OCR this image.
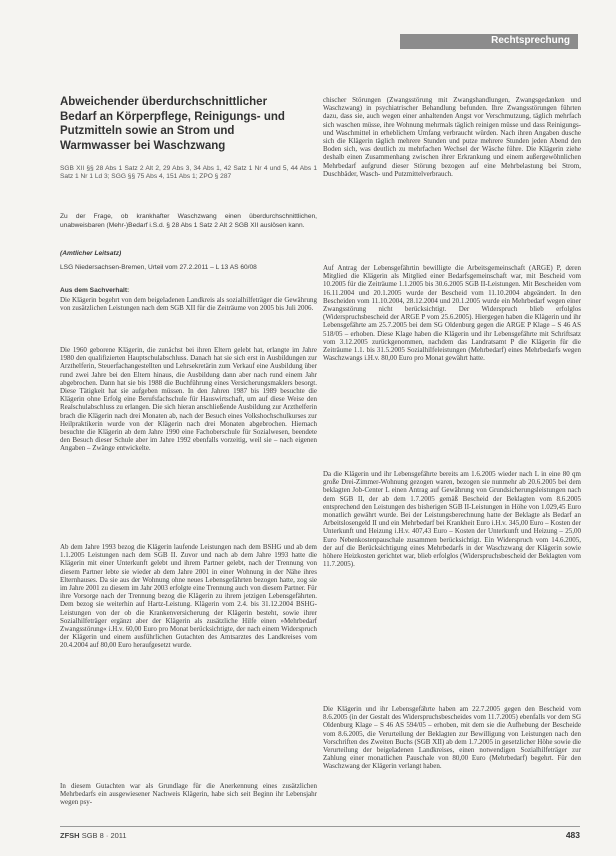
Rechtsprechung
Abweichender überdurchschnittlicher Bedarf an Körperpflege, Reinigungs- und Putzmitteln sowie an Strom und Warmwasser bei Waschzwang
SGB XII §§ 28 Abs 1 Satz 2 Alt 2, 29 Abs 3, 34 Abs 1, 42 Satz 1 Nr 4 und 5, 44 Abs 1 Satz 1 Nr 1 Ld 3; SGG §§ 75 Abs 4, 151 Abs 1; ZPO § 287
Zu der Frage, ob krankhafter Waschzwang einen überdurchschnittlichen, unabweisbaren (Mehr-)Bedarf i.S.d. § 28 Abs 1 Satz 2 Alt 2 SGB XII auslösen kann.
(Amtlicher Leitsatz)
LSG Niedersachsen-Bremen, Urteil vom 27.2.2011 – L 13 AS 60/08
Aus dem Sachverhalt:
Die Klägerin begehrt von dem beigeladenen Landkreis als sozialhilfeträger die Gewährung von zusätzlichen Leistungen nach dem SGB XII für die Zeiträume von 2005 bis Juli 2006.
Die 1960 geborene Klägerin, die zunächst bei ihren Eltern gelebt hat, erlangte im Jahre 1980 den qualifizierten Hauptschulabschluss. Danach hat sie sich erst in Ausbildungen zur Arzthelferin, Steuerfachangestellten und Lehrsekretärin zum Verkauf eine Ausbildung über rund zwei Jahre bei den Eltern hinaus, die Ausbildung dann aber nach rund einem Jahr abgebrochen. Dann hat sie bis 1988 die Buchführung eines Versicherungsmaklers besorgt. Diese Tätigkeit hat sie aufgeben müssen. In den Jahren 1987 bis 1989 besuchte die Klägerin ohne Erfolg eine Berufsfachschule für Hauswirtschaft, um auf diese Weise den Realschulabschluss zu erlangen. Die sich hieran anschließende Ausbildung zur Arzthelferin brach die Klägerin nach drei Monaten ab, nach der Besuch eines Volkshochschulkurses zur Heilpraktikerin wurde von der Klägerin nach drei Monaten abgebrochen. Hiernach besuchte die Klägerin ab dem Jahre 1990 eine Fachoberschule für Sozialwesen, beendete den Besuch dieser Schule aber im Jahre 1992 ebenfalls vorzeitig, weil sie – nach eigenen Angaben – Zwänge entwickelte.
Ab dem Jahre 1993 bezog die Klägerin laufende Leistungen nach dem BSHG und ab dem 1.1.2005 Leistungen nach dem SGB II. Zuvor und nach ab dem Jahre 1993 hatte die Klägerin mit einer Unterkunft gelebt und ihrem Partner gelebt, nach der Trennung von diesem Partner lebte sie wieder ab dem Jahre 2001 in einer Wohnung in der Nähe ihres Elternhauses. Da sie aus der Wohnung ohne neues Lebensgefährten bezogen hatte, zog sie im Jahre 2001 zu diesem im Jahr 2003 erfolgte eine Trennung auch von diesem Partner. Für ihre Vorsorge nach der Trennung bezog die Klägerin zu ihrem jetzigen Lebensgefährten. Dem bezog sie weiterhin auf Hartz-Leistung. Klägerin vom 2.4. bis 31.12.2004 BSHG-Leistungen von der ob die Krankenversicherung der Klägerin besteht, sowie ihrer Sozialhilfeträger ergänzt aber der Klägerin als zusätzliche Hilfe einen »Mehrbedarf Zwangsstörung« i.H.v. 60,00 Euro pro Monat berücksichtigte, der nach einem Widerspruch der Klägerin und einem ausführlichen Gutachten des Amtsarztes des Landkreises vom 20.4.2004 auf 80,00 Euro heraufgesetzt wurde.
In diesem Gutachten war als Grundlage für die Anerkennung eines zusätzlichen Mehrbedarfs ein ausgewiesener Nachweis Klägerin, habe sich seit Beginn ihr Lebensjahr wegen psy-
chischer Störungen (Zwangsstörung mit Zwangshandlungen, Zwangsgedanken und Waschzwang) in psychiatrischer Behandlung befunden. Ihre Zwangsstörungen führten dazu, dass sie, auch wegen einer anhaltenden Angst vor Verschmutzung, täglich mehrfach sich waschen müsse, ihre Wohnung mehrmals täglich reinigen müsse und dass Reinigungs- und Waschmittel in erheblichem Umfang verbraucht würden. Nach ihren Angaben dusche sich die Klägerin täglich mehrere Stunden und putze mehrere Stunden jeden Abend den Boden sich, was deutlich zu mehrfachen Wechsel der Wäsche führe. Die Klägerin ziehe deshalb einen Zusammenhang zwischen ihrer Erkrankung und einem außergewöhnlichen Mehrbedarf aufgrund dieser Störung bezogen auf eine Mehrbelastung bei Strom, Duschbäder, Wasch- und Putzmittelverbrauch.
Auf Antrag der Lebensgefährtin bewilligte die Arbeitsgemeinschaft (ARGE) P, deren Mitglied die Klägerin als Mitglied einer Bedarfsgemeinschaft war, mit Bescheid vom 10.2005 für die Zeiträume 1.1.2005 bis 30.6.2005 SGB II-Leistungen. Mit Bescheiden vom 16.11.2004 und 20.1.2005 wurde der Bescheid vom 11.10.2004 abgeändert. In den Bescheiden vom 11.10.2004, 28.12.2004 und 20.1.2005 wurde ein Mehrbedarf wegen einer Zwangsstörung nicht berücksichtigt. Der Widerspruch blieb erfolglos (Widerspruchsbescheid der ARGE P vom 25.6.2005). Hiergegen haben die Klägerin und ihr Lebensgefährte am 25.7.2005 bei dem SG Oldenburg gegen die ARGE P Klage – S 46 AS 518/05 – erhoben. Diese Klage haben die Klägerin und ihr Lebensgefährte mit Schriftsatz vom 3.12.2005 zurückgenommen, nachdem das Landratsamt P die Klägerin für die Zeiträume 1.1. bis 31.5.2005 Sozialhilfeleistungen (Mehrbedarf) eines Mehrbedarfs wegen Waschzwangs i.H.v. 80,00 Euro pro Monat gewährt hatte.
Da die Klägerin und ihr Lebensgefährte bereits am 1.6.2005 wieder nach L in eine 80 qm große Drei-Zimmer-Wohnung gezogen waren, bezogen sie nunmehr ab 20.6.2005 bei dem beklagten Job-Center L einen Antrag auf Gewährung von Grundsicherungsleistungen nach dem SGB II, der ab dem 1.7.2005 gemäß Bescheid der Beklagten vom 8.6.2005 entsprechend den Leistungen des bisherigen SGB II-Leistungen in Höhe von 1.029,45 Euro monatlich gewährt wurde. Bei der Leistungsberechnung hatte der Beklagte als Bedarf an Arbeitslosengeld II und ein Mehrbedarf bei Krankheit Euro i.H.v. 345,00 Euro – Kosten der Unterkunft und Heizung i.H.v. 407,43 Euro – Kosten der Unterkunft und Heizung – 25,00 Euro Nebenkostenpauschale zusammen berücksichtigt. Ein Widerspruch vom 14.6.2005, der auf die Berücksichtigung eines Mehrbedarfs in der Waschzwang der Klägerin sowie höhere Heizkosten gerichtet war, blieb erfolglos (Widerspruchsbescheid der Beklagten vom 11.7.2005).
Die Klägerin und ihr Lebensgefährte haben am 22.7.2005 gegen den Bescheid vom 8.6.2005 (in der Gestalt des Widerspruchsbescheides vom 11.7.2005) ebenfalls vor dem SG Oldenburg Klage – S 46 AS 594/05 – erhoben, mit dem sie die Aufhebung der Bescheide vom 8.6.2005, die Verurteilung der Beklagten zur Bewilligung von Leistungen nach den Vorschriften des Zweiten Buchs (SGB XII) ab dem 1.7.2005 in gesetzlicher Höhe sowie die Verurteilung der beigeladenen Landkreises, einen notwendigen Sozialhilfeträger zur Zahlung einer monatlichen Pauschale von 80,00 Euro (Mehrbedarf) begehrt. Für den Waschzwang der Klägerin verlangt haben.
ZFSH SGB 8 · 2011	483
